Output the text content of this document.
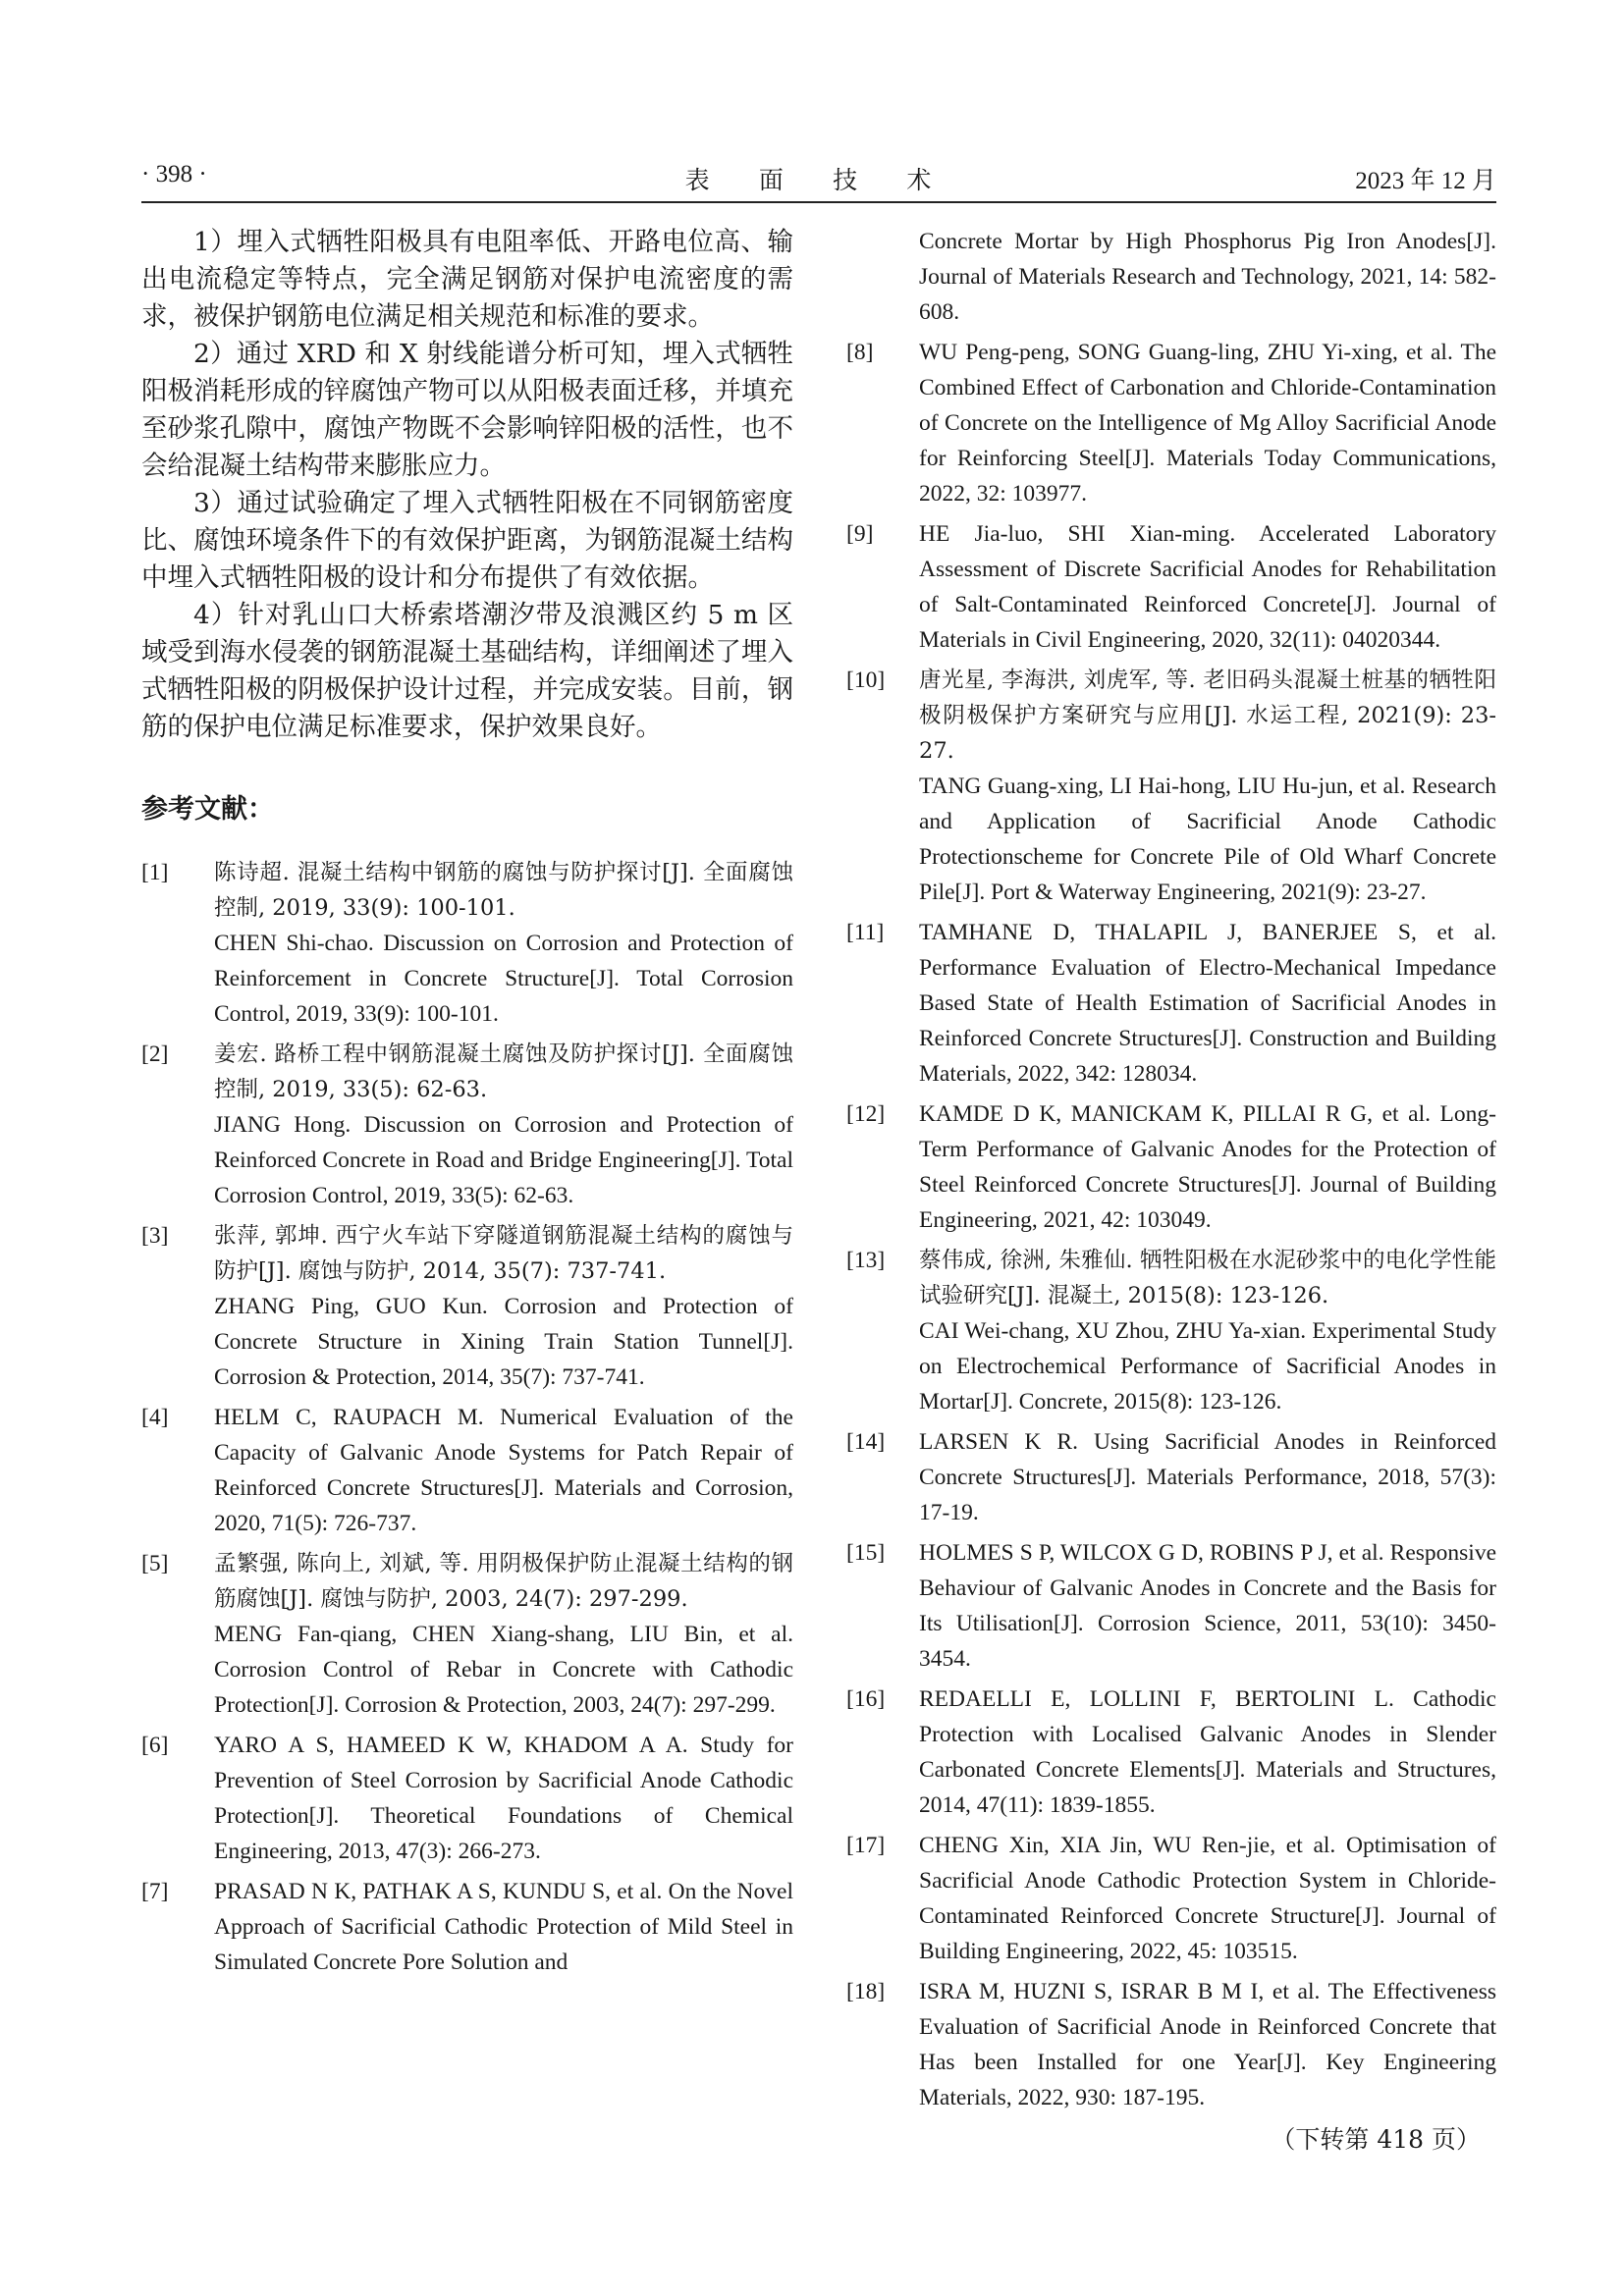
· 398 ·	表 面 技 术	2023 年 12 月

1）埋入式牺牲阳极具有电阻率低、开路电位高、输出电流稳定等特点，完全满足钢筋对保护电流密度的需求，被保护钢筋电位满足相关规范和标准的要求。

2）通过 XRD 和 X 射线能谱分析可知，埋入式牺牲阳极消耗形成的锌腐蚀产物可以从阳极表面迁移，并填充至砂浆孔隙中，腐蚀产物既不会影响锌阳极的活性，也不会给混凝土结构带来膨胀应力。

3）通过试验确定了埋入式牺牲阳极在不同钢筋密度比、腐蚀环境条件下的有效保护距离，为钢筋混凝土结构中埋入式牺牲阳极的设计和分布提供了有效依据。

4）针对乳山口大桥索塔潮汐带及浪溅区约 5 m 区域受到海水侵袭的钢筋混凝土基础结构，详细阐述了埋入式牺牲阳极的阴极保护设计过程，并完成安装。目前，钢筋的保护电位满足标准要求，保护效果良好。

参考文献：
[1]	陈诗超. 混凝土结构中钢筋的腐蚀与防护探讨[J]. 全面腐蚀控制, 2019, 33(9): 100-101.
CHEN Shi-chao. Discussion on Corrosion and Protection of Reinforcement in Concrete Structure[J]. Total Corrosion Control, 2019, 33(9): 100-101.
[2]	姜宏. 路桥工程中钢筋混凝土腐蚀及防护探讨[J]. 全面腐蚀控制, 2019, 33(5): 62-63.
JIANG Hong. Discussion on Corrosion and Protection of Reinforced Concrete in Road and Bridge Engineering[J]. Total Corrosion Control, 2019, 33(5): 62-63.
[3]	张萍, 郭坤. 西宁火车站下穿隧道钢筋混凝土结构的腐蚀与防护[J]. 腐蚀与防护, 2014, 35(7): 737-741.
ZHANG Ping, GUO Kun. Corrosion and Protection of Concrete Structure in Xining Train Station Tunnel[J]. Corrosion & Protection, 2014, 35(7): 737-741.
[4]	HELM C, RAUPACH M. Numerical Evaluation of the Capacity of Galvanic Anode Systems for Patch Repair of Reinforced Concrete Structures[J]. Materials and Corrosion, 2020, 71(5): 726-737.
[5]	孟繁强, 陈向上, 刘斌, 等. 用阴极保护防止混凝土结构的钢筋腐蚀[J]. 腐蚀与防护, 2003, 24(7): 297-299.
MENG Fan-qiang, CHEN Xiang-shang, LIU Bin, et al. Corrosion Control of Rebar in Concrete with Cathodic Protection[J]. Corrosion & Protection, 2003, 24(7): 297-299.
[6]	YARO A S, HAMEED K W, KHADOM A A. Study for Prevention of Steel Corrosion by Sacrificial Anode Cathodic Protection[J]. Theoretical Foundations of Chemical Engineering, 2013, 47(3): 266-273.
[7]	PRASAD N K, PATHAK A S, KUNDU S, et al. On the Novel Approach of Sacrificial Cathodic Protection of Mild Steel in Simulated Concrete Pore Solution and

Concrete Mortar by High Phosphorus Pig Iron Anodes[J]. Journal of Materials Research and Technology, 2021, 14: 582-608.

[8]	WU Peng-peng, SONG Guang-ling, ZHU Yi-xing, et al. The Combined Effect of Carbonation and Chloride-Contamination of Concrete on the Intelligence of Mg Alloy Sacrificial Anode for Reinforcing Steel[J]. Materials Today Communications, 2022, 32: 103977.
[9]	HE Jia-luo, SHI Xian-ming. Accelerated Laboratory Assessment of Discrete Sacrificial Anodes for Rehabilitation of Salt-Contaminated Reinforced Concrete[J]. Journal of Materials in Civil Engineering, 2020, 32(11): 04020344.
[10]	唐光星, 李海洪, 刘虎军, 等. 老旧码头混凝土桩基的牺牲阳极阴极保护方案研究与应用[J]. 水运工程, 2021(9): 23-27.
TANG Guang-xing, LI Hai-hong, LIU Hu-jun, et al. Research and Application of Sacrificial Anode Cathodic Protectionscheme for Concrete Pile of Old Wharf Concrete Pile[J]. Port & Waterway Engineering, 2021(9): 23-27.
[11]	TAMHANE D, THALAPIL J, BANERJEE S, et al. Performance Evaluation of Electro-Mechanical Impedance Based State of Health Estimation of Sacrificial Anodes in Reinforced Concrete Structures[J]. Construction and Building Materials, 2022, 342: 128034.
[12]	KAMDE D K, MANICKAM K, PILLAI R G, et al. Long-Term Performance of Galvanic Anodes for the Protection of Steel Reinforced Concrete Structures[J]. Journal of Building Engineering, 2021, 42: 103049.
[13]	蔡伟成, 徐洲, 朱雅仙. 牺牲阳极在水泥砂浆中的电化学性能试验研究[J]. 混凝土, 2015(8): 123-126.
CAI Wei-chang, XU Zhou, ZHU Ya-xian. Experimental Study on Electrochemical Performance of Sacrificial Anodes in Mortar[J]. Concrete, 2015(8): 123-126.
[14]	LARSEN K R. Using Sacrificial Anodes in Reinforced Concrete Structures[J]. Materials Performance, 2018, 57(3): 17-19.
[15]	HOLMES S P, WILCOX G D, ROBINS P J, et al. Responsive Behaviour of Galvanic Anodes in Concrete and the Basis for Its Utilisation[J]. Corrosion Science, 2011, 53(10): 3450-3454.
[16]	REDAELLI E, LOLLINI F, BERTOLINI L. Cathodic Protection with Localised Galvanic Anodes in Slender Carbonated Concrete Elements[J]. Materials and Structures, 2014, 47(11): 1839-1855.
[17]	CHENG Xin, XIA Jin, WU Ren-jie, et al. Optimisation of Sacrificial Anode Cathodic Protection System in Chloride-Contaminated Reinforced Concrete Structure[J]. Journal of Building Engineering, 2022, 45: 103515.
[18]	ISRA M, HUZNI S, ISRAR B M I, et al. The Effectiveness Evaluation of Sacrificial Anode in Reinforced Concrete that Has been Installed for one Year[J]. Key Engineering Materials, 2022, 930: 187-195.
（下转第 418 页）
